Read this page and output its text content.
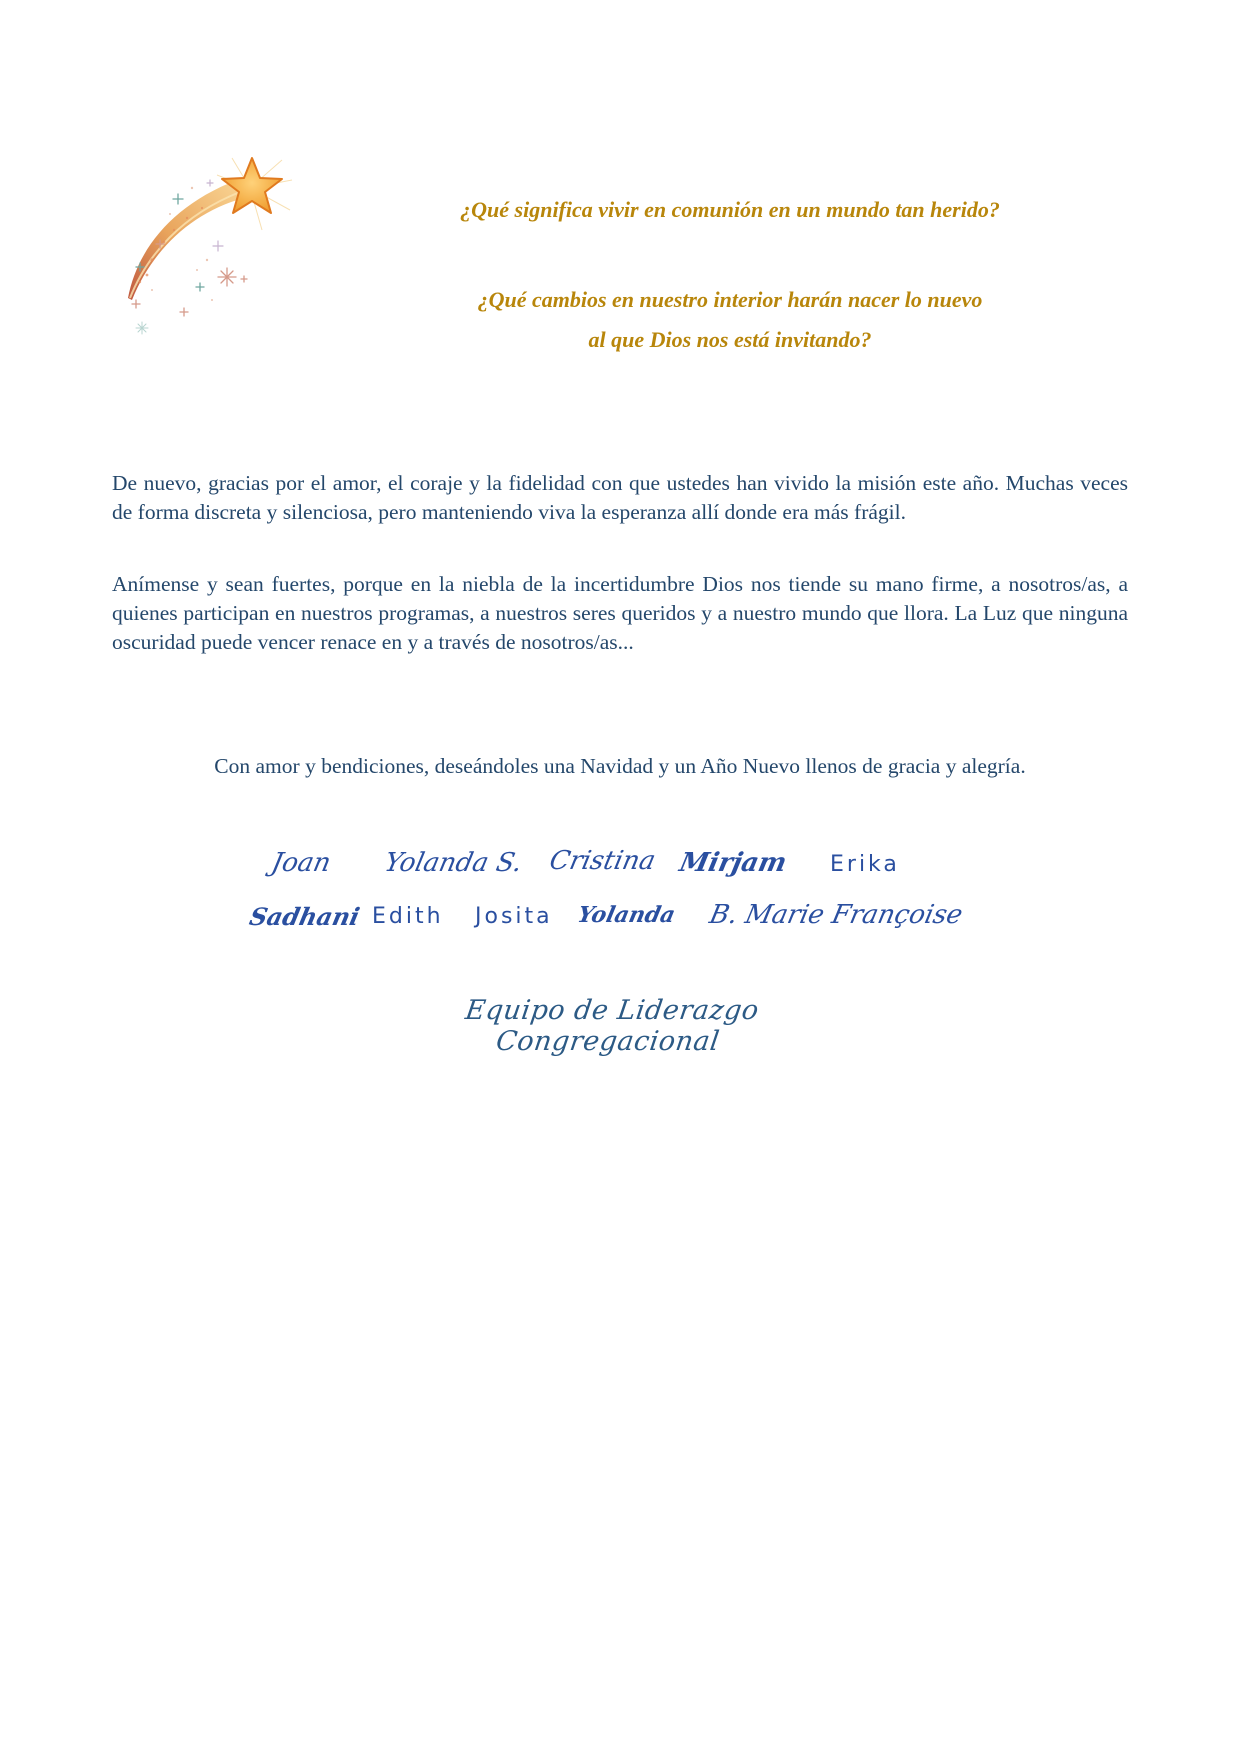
¿Qué significa vivir en comunión en un mundo tan herido?
¿Qué cambios en nuestro interior harán nacer lo nuevo
al que Dios nos está invitando?

De nuevo, gracias por el amor, el coraje y la fidelidad con que ustedes han vivido la misión este año. Muchas veces de forma discreta y silenciosa, pero manteniendo viva la esperanza allí donde era más frágil.

Anímense y sean fuertes, porque en la niebla de la incertidumbre Dios nos tiende su mano firme, a nosotros/as, a quienes participan en nuestros programas, a nuestros seres queridos y a nuestro mundo que llora. La Luz que ninguna oscuridad puede vencer renace en y a través de nosotros/as...

Con amor y bendiciones, deseándoles una Navidad y un Año Nuevo llenos de gracia y alegría.
Joan Yolanda S. Cristina Mirjam Erika
Sadhani Edith Josita Yolanda B. Marie Françoise
Equipo de Liderazgo Congregacional
